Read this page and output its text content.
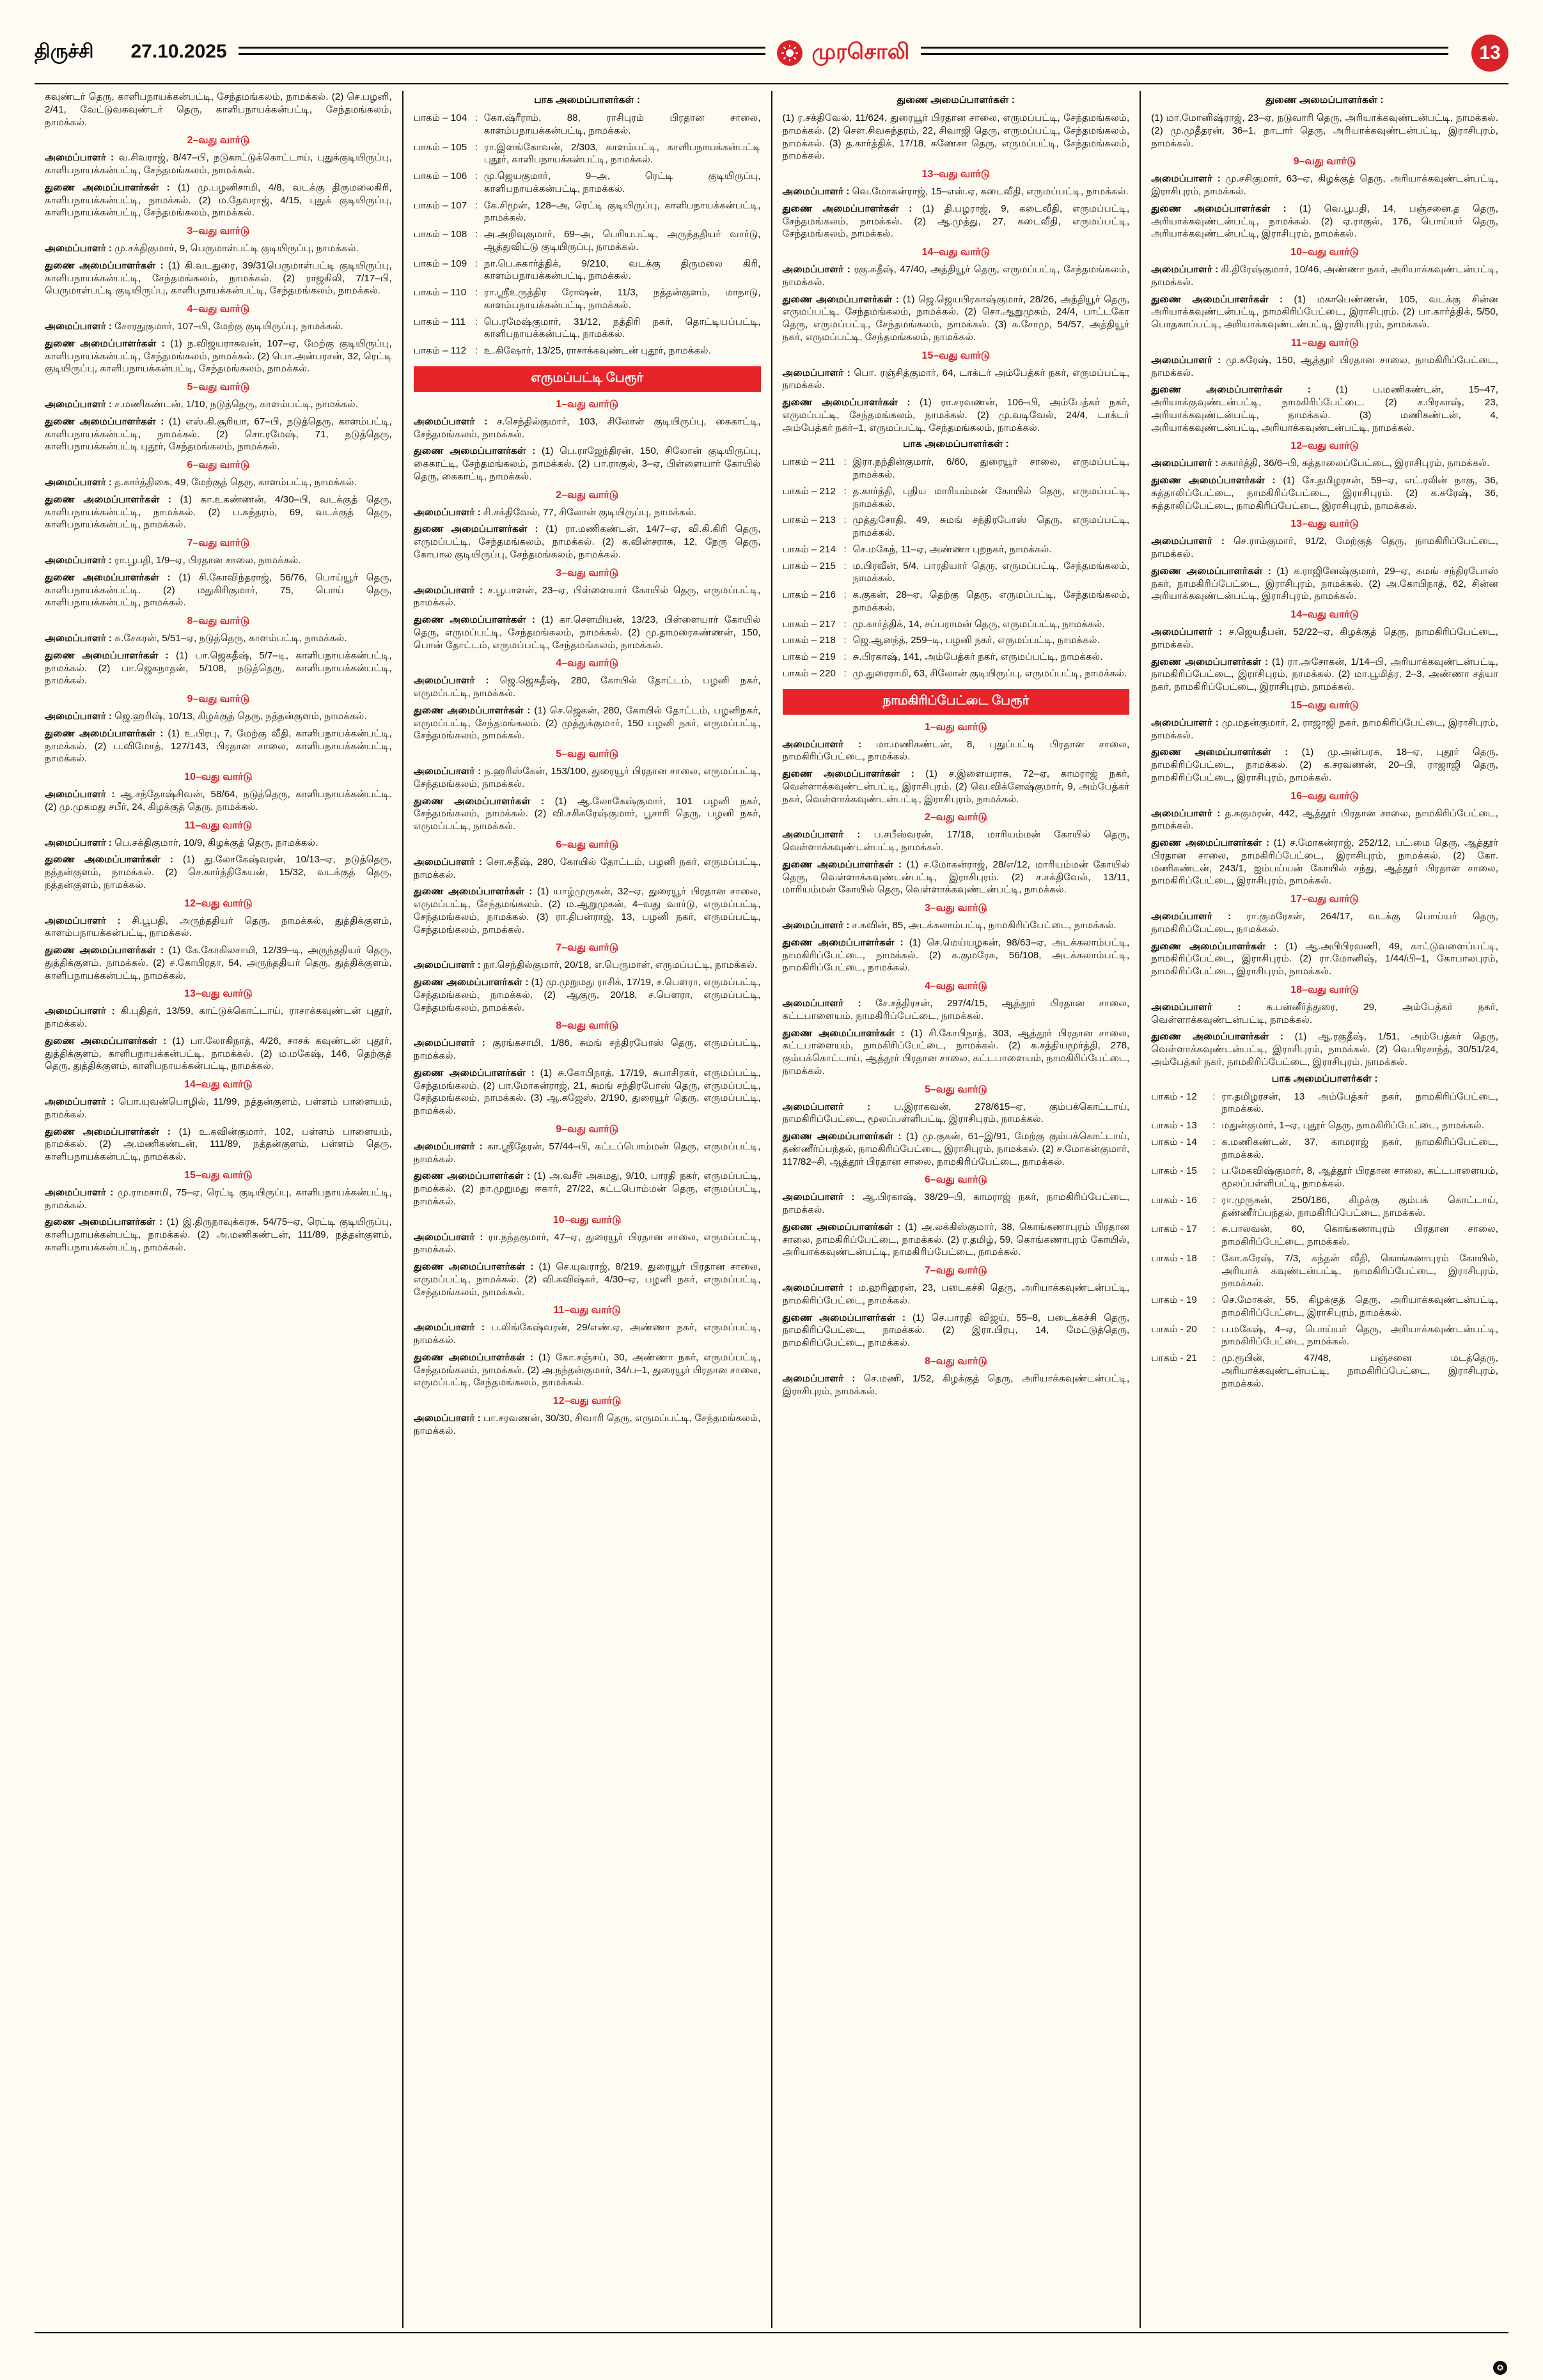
திருச்சி 27.10.2025	முரசொலி	13

கவுண்டர் தெரு, காளிபநாயக்கன்பட்டி, சேந்தமங்கலம், நாமக்கல். (2) செ.பழனி, 2/41, வேட்டுவகவுண்டர் தெரு, காளிபநாயக்கன்பட்டி, சேந்தமங்கலம், நாமக்கல்.

2–வது வார்டு

அமைப்பாளர் : வ.சிவராஜ், 8/47–பி, நடுகாட்டுக்கொட்டாய், புதுக்குடியிருப்பு, காளிபநாயக்கன்பட்டி, சேந்தமங்கலம், நாமக்கல்.

துணை அமைப்பாளர்கள் : (1) மு.பழனிசாமி, 4/8, வடக்கு திருமலைகிரி, காளிபநாயக்கன்பட்டி, நாமக்கல். (2) ம.தேவராஜ், 4/15, புதுக் குடியிருப்பு, காளிபநாயக்கன்பட்டி, சேந்தமங்கலம், நாமக்கல்.

3–வது வார்டு

அமைப்பாளர் : மு.சக்திகுமார், 9, பெருமாள்பட்டி குடியிருப்பு, நாமக்கல்.

துணை அமைப்பாளர்கள் : (1) கி.வடதுரை, 39/31பெருமாள்பட்டி குடியிருப்பு, காளிபநாயக்கன்பட்டி, சேந்தமங்கலம், நாமக்கல். (2) ராஜகிலி, 7/17–பி, பெருமாள்பட்டி குடியிருப்பு, காளிபநாயக்கன்பட்டி, சேந்தமங்கலம், நாமக்கல்.

4–வது வார்டு

அமைப்பாளர் : சோரதுகுமார், 107–பி, மேற்கு குடியிருப்பு, நாமக்கல்.

துணை அமைப்பாளர்கள் : (1) ந.விஜயராகவன், 107–ஏ, மேற்கு குடியிருப்பு, காளிபநாயக்கன்பட்டி, சேந்தமங்கலம், நாமக்கல். (2) பொ.அன்பரசன், 32, ரெட்டி குடியிருப்பு, காளிபநாயக்கன்பட்டி, சேந்தமங்கலம், நாமக்கல்.

5–வது வார்டு

அமைப்பாளர் : ச.மணிகண்டன், 1/10, நடுத்தெரு, காளம்பட்டி, நாமக்கல்.

துணை அமைப்பாளர்கள் : (1) எஸ்.கி.சூரியா, 67–பி, நடுத்தெரு, காளம்பட்டி, காளிபநாயக்கன்பட்டி, நாமக்கல். (2) சொ.ரமேஷ், 71, நடுத்தெரு, காளிபநாயக்கன்பட்டி புதூர், சேந்தமங்கலம், நாமக்கல்.

6–வது வார்டு

அமைப்பாளர் : த.கார்த்திகை, 49, மேற்குத் தெரு, காளம்பட்டி, நாமக்கல்.

துணை அமைப்பாளர்கள் : (1) கா.உகண்ணன், 4/30–பி, வடக்குத் தெரு, காளிபநாயக்கன்பட்டி, நாமக்கல். (2) ப.சுந்தரம், 69, வடக்குத் தெரு, காளிபநாயக்கன்பட்டி, நாமக்கல்.

7–வது வார்டு

அமைப்பாளர் : ரா.பூபதி, 1/9–ஏ, பிரதான சாலை, நாமக்கல்.

துணை அமைப்பாளர்கள் : (1) சி.கோவிந்தராஜ், 56/76, பொய்யூர் தெரு, காளிபநாயக்கன்பட்டி. (2) மதுகிரிகுமார், 75, பொய் தெரு, காளிபநாயக்கன்பட்டி, நாமக்கல்.

8–வது வார்டு

அமைப்பாளர் : சு.சேகரன், 5/51–ஏ, நடுத்தெரு, காளம்பட்டி, நாமக்கல்.

துணை அமைப்பாளர்கள் : (1) பா.ஜெகதீஷ், 5/7–டி, காளிபநாயக்கன்பட்டி, நாமக்கல். (2) பா.ஜெகநாதன், 5/108, நடுத்தெரு, காளிபநாயக்கன்பட்டி, நாமக்கல்.

9–வது வார்டு

அமைப்பாளர் : ஜெ.ஹரிஷ், 10/13, கிழக்குத் தெரு, நத்தன்குளம், நாமக்கல்.

துணை அமைப்பாளர்கள் : (1) உ.பிரபு, 7, மேற்கு வீதி, காளிபநாயக்கன்பட்டி, நாமக்கல். (2) ப.விமோத், 127/143, பிரதான சாலை, காளிபநாயக்கன்பட்டி, நாமக்கல்.

10–வது வார்டு

அமைப்பாளர் : ஆ.சந்தோஷ்சிவன், 58/64, நடுத்தெரு, காளிபநாயக்கன்பட்டி. (2) மு.முகமது சபீர், 24, கிழக்குத் தெரு, நாமக்கல்.

11–வது வார்டு

அமைப்பாளர் : பெ.சக்திகுமார், 10/9, கிழக்குத் தெரு, நாமக்கல்.

துணை அமைப்பாளர்கள் : (1) து.லோகேஷ்வரன், 10/13–ஏ, நடுத்தெரு, நத்தன்குளம், நாமக்கல். (2) செ.கார்த்திகேயன், 15/32, வடக்குத் தெரு, நத்தன்குளம், நாமக்கல்.

12–வது வார்டு

அமைப்பாளர் : சி.பூபதி, அருந்ததியர் தெரு, நாமக்கல், துத்திக்குளம், காளம்பநாயக்கன்பட்டி, நாமக்கல்.

துணை அமைப்பாளர்கள் : (1) கே.கோகிலசாமி, 12/39–டி, அருந்ததியர் தெரு, துத்திக்குளம், நாமக்கல். (2) ச.கோபிரதா, 54, அருந்ததியர் தெரு, துத்திக்குளம், காளிபநாயக்கன்பட்டி, நாமக்கல்.

13–வது வார்டு

அமைப்பாளர் : கி.புதிதர், 13/59, காட்டுக்கொட்டாய், ராசாக்கவுண்டன் புதூர், நாமக்கல்.

துணை அமைப்பாளர்கள் : (1) பா.லோகிநாத், 4/26, சாசக் கவுண்டன் புதூர், துத்திக்குளம், காளிபநாயக்கன்பட்டி, நாமக்கல். (2) ம.மகேஷ், 146, தெற்குத் தெரு, துத்திக்குளம், காளிபநாயக்கன்பட்டி, நாமக்கல்.

14–வது வார்டு

அமைப்பாளர் : பொ.யுவன்பொழில், 11/99, நத்தன்குளம், பள்ளம் பாளையம், நாமக்கல்.

துணை அமைப்பாளர்கள் : (1) உ.கவின்குமார், 102, பள்ளம் பாளையம், நாமக்கல். (2) அ.மணிகண்டன், 111/89, நத்தன்குளம், பள்ளம் தெரு, காளிபநாயக்கன்பட்டி, நாமக்கல்.

15–வது வார்டு

அமைப்பாளர் : மு.ராமசாமி, 75–ஏ, ரெட்டி குடியிருப்பு, காளிபநாயக்கன்பட்டி, நாமக்கல்.

துணை அமைப்பாளர்கள் : (1) இ.திருநாவுக்கரசு, 54/75–ஏ, ரெட்டி குடியிருப்பு, காளிபநாயக்கன்பட்டி, நாமக்கல். (2) அ.மணிகண்டன், 111/89, நத்தன்குளம், காளிபநாயக்கன்பட்டி, நாமக்கல்.

பாக அமைப்பாளர்கள் :
பாகம் – 104 : கோ.ஷ்ரீராம், 88, ராசிபுரம் பிரதான சாலை, காளம்பநாயக்கன்பட்டி, நாமக்கல்.
பாகம் – 105 : ரா.இளங்கோவன், 2/303, காளம்பட்டி, காளிபநாயக்கன்பட்டி புதூர், காளிபநாயக்கன்பட்டி, நாமக்கல்.
பாகம் – 106 : மு.ஜெயகுமார், 9–அ, ரெட்டி குடியிருப்பு, காளிபநாயக்கன்பட்டி, நாமக்கல்.
பாகம் – 107 : கே.சிமூன், 128–அ, ரெட்டி குடியிருப்பு, காளிபநாயக்கன்பட்டி, நாமக்கல்.
பாகம் – 108 : அ.அறிவுகுமார், 69–அ, பெரியபட்டி, அருந்ததியர் வார்டு, ஆத்துவிட்டு குடியிருப்பு, நாமக்கல்.
பாகம் – 109 : நா.பெ.சுகார்த்திக், 9/210, வடக்கு திருமலை கிரி, காளம்பநாயக்கன்பட்டி, நாமக்கல்.
பாகம் – 110 : ரா.ஸ்ரீஉருத்திர ரோஷன், 11/3, நத்தன்குளம், மாநாடு, காளம்பநாயக்கன்பட்டி, நாமக்கல்.
பாகம் – 111 : பெ.ரமேஷ்குமார், 31/12, நத்திரி நகர், தொட்டியப்பட்டி, காளிபநாயக்கன்பட்டி, நாமக்கல்.
பாகம் – 112 : உ.கிஷோர், 13/25, ராசாக்கவுண்டன் புதூர், நாமக்கல்.
எருமப்பட்டி பேரூர்
1–வது வார்டு

அமைப்பாளர் : ச.செந்தில்குமார், 103, சிலோன் குடியிருப்பு, கைகாட்டி, சேந்தமங்கலம், நாமக்கல்.

துணை அமைப்பாளர்கள் : (1) பெ.ராஜேந்திரன், 150, சிலோன் குடியிருப்பு, கைகாட்டி, சேந்தமங்கலம், நாமக்கல். (2) பா.ராகுல், 3–ஏ, பிள்ளையார் கோயில் தெரு, கைகாட்டி, நாமக்கல்.

2–வது வார்டு

அமைப்பாளர் : சி.சக்திவேல், 77, சிலோன் குடியிருப்பு, நாமக்கல்.

துணை அமைப்பாளர்கள் : (1) ரா.மணிகண்டன், 14/7–ஏ, வி.கி.கிரி தெரு, எருமப்பட்டி, சேந்தமங்கலம், நாமக்கல். (2) க.வின்சராசு, 12, நேரு தெரு, கோபால குடியிருப்பு, சேந்தமங்கலம், நாமக்கல்.

3–வது வார்டு

அமைப்பாளர் : ச.பூபாளன், 23–ஏ, பிள்ளையார் கோயில் தெரு, எருமப்பட்டி, நாமக்கல்.

துணை அமைப்பாளர்கள் : (1) கா.சௌமியன், 13/23, பிள்ளையார் கோயில் தெரு, எருமப்பட்டி, சேந்தமங்கலம், நாமக்கல். (2) மு.தாமரைகண்ணன், 150, பொன் தோட்டம், எருமப்பட்டி, சேந்தமங்கலம், நாமக்கல்.

4–வது வார்டு

அமைப்பாளர் : ஜெ.ஜெகதீஷ், 280, கோயில் தோட்டம், பழனி நகர், எருமப்பட்டி, நாமக்கல்.

துணை அமைப்பாளர்கள் : (1) செ.ஜெகன், 280, கோயில் தோட்டம், பழனிநகர், எருமப்பட்டி, சேந்தமங்கலம். (2) முத்துக்குமார், 150 பழனி நகர், எருமப்பட்டி, சேந்தமங்கலம், நாமக்கல்.

5–வது வார்டு

அமைப்பாளர் : ந.ஹரிஸ்கேன், 153/100, துரையூர் பிரதான சாலை, எருமப்பட்டி, சேந்தமங்கலம், நாமக்கல்.

துணை அமைப்பாளர்கள் : (1) ஆ.லோகேஷ்குமார், 101 பழனி நகர், சேந்தமங்கலம், நாமக்கல். (2) வி.சசிசுரேஷ்குமார், பூசாரி தெரு, பழனி நகர், எருமப்பட்டி, நாமக்கல்.

6–வது வார்டு

அமைப்பாளர் : சொ.சுதீஷ், 280, கோயில் தோட்டம், பழனி நகர், எருமப்பட்டி, நாமக்கல்.

துணை அமைப்பாளர்கள் : (1) யாழ்முருகன், 32–ஏ, துரையூர் பிரதான சாலை, எருமப்பட்டி, சேந்தமங்கலம். (2) ம.ஆறுமுகன், 4–வது வார்டு, எருமப்பட்டி, சேந்தமங்கலம், நாமக்கல். (3) ரா.திபன்ராஜ், 13, பழனி நகர், எருமப்பட்டி, சேந்தமங்கலம், நாமக்கல்.

7–வது வார்டு

அமைப்பாளர் : நா.செந்தில்குமார், 20/18, எ.பெருமாள், எருமப்பட்டி, நாமக்கல்.

துணை அமைப்பாளர்கள் : (1) மு.முறுமது ராசிக், 17/19, ச.பௌரா, எருமப்பட்டி, சேந்தமங்கலம், நாமக்கல். (2) ஆகுரு, 20/18, ச.பௌரா, எருமப்பட்டி, சேந்தமங்கலம், நாமக்கல்.

8–வது வார்டு

அமைப்பாளர் : குரங்கசாமி, 1/86, சுமங் சந்திரபோஸ் தெரு, எருமப்பட்டி, நாமக்கல்.

துணை அமைப்பாளர்கள் : (1) சு.கோபிநாத், 17/19, சுபாசிரகர், எருமப்பட்டி, சேந்தமங்கலம். (2) பா.மோகன்ராஜ், 21, சுமங் சந்திரபோஸ் தெரு, எருமப்பட்டி, சேந்தமங்கலம், நாமக்கல். (3) ஆ.கஜேஸ், 2/190, துரையூர் தெரு, எருமப்பட்டி, நாமக்கல்.

9–வது வார்டு

அமைப்பாளர் : கா.ஸ்ரீதேரன், 57/44–பி, கட்டப்பொம்மன் தெரு, எருமப்பட்டி, நாமக்கல்.

துணை அமைப்பாளர்கள் : (1) அ.வசீர் அகமது, 9/10, பாரதி நகர், எருமப்பட்டி, நாமக்கல். (2) நா.முறுமது ஈகார், 27/22, கட்டபொம்மன் தெரு, எருமப்பட்டி, நாமக்கல்.

10–வது வார்டு

அமைப்பாளர் : ரா.நந்தகுமார், 47–ஏ, துரையூர் பிரதான சாலை, எருமப்பட்டி, நாமக்கல்.

துணை அமைப்பாளர்கள் : (1) செ.யுவராஜ், 8/219, துரையூர் பிரதான சாலை, எருமப்பட்டி, நாமக்கல். (2) வி.கவிஷ்கர், 4/30–ஏ, பழனி நகர், எருமப்பட்டி, சேந்தமங்கலம், நாமக்கல்.

11–வது வார்டு

அமைப்பாளர் : ப.லிங்கேஷ்வரன், 29/எண்.ஏ, அண்ணா நகர், எருமப்பட்டி, நாமக்கல்.

துணை அமைப்பாளர்கள் : (1) கோ.சஞ்சய், 30, அண்ணா நகர், எருமப்பட்டி, சேந்தமங்கலம், நாமக்கல். (2) அ.நந்தன்குமார், 34/ப–1, துரையூர் பிரதான சாலை, எருமப்பட்டி, சேந்தமங்கலம், நாமக்கல்.

12–வது வார்டு

அமைப்பாளர் : பா.சரவணன், 30/30, சிவாரி தெரு, எருமப்பட்டி, சேந்தமங்கலம், நாமக்கல்.

துணை அமைப்பாளர்கள் :

(1) ர.சக்திவேல், 11/624, துரையூர் பிரதான சாலை, எருமப்பட்டி, சேந்தமங்கலம், நாமக்கல். (2) சௌ.சிவசுந்தரம், 22, சிவாஜி தெரு, எருமப்பட்டி, சேந்தமங்கலம், நாமக்கல். (3) த.கார்த்திக், 17/18, கணேசா தெரு, எருமப்பட்டி, சேந்தமங்கலம், நாமக்கல்.

13–வது வார்டு

அமைப்பாளர் : வெ.மோகன்ராஜ், 15–எஸ்.ஏ, கடைவீதி, எருமப்பட்டி, நாமக்கல்.

துணை அமைப்பாளர்கள் : (1) தி.பழராஜ், 9, கடைவீதி, எருமப்பட்டி, சேந்தமங்கலம், நாமக்கல். (2) ஆ.முத்து, 27, கடைவீதி, எருமப்பட்டி, சேந்தமங்கலம், நாமக்கல்.

14–வது வார்டு

அமைப்பாளர் : ரகு.சுதீஷ், 47/40, அத்தியூர் தெரு, எருமப்பட்டி, சேந்தமங்கலம், நாமக்கல்.

துணை அமைப்பாளர்கள் : (1) ஜெ.ஜெயபிரகாஷ்குமார், 28/26, அத்தியூர் தெரு, எருமப்பட்டி, சேந்தமங்கலம், நாமக்கல். (2) சொ.ஆறுமுகம், 24/4, பாட்டகோ தெரு, எருமப்பட்டி, சேந்தமங்கலம், நாமக்கல். (3) க.சோமு, 54/57, அத்தியூர் நகர், எருமப்பட்டி, சேந்தமங்கலம், நாமக்கல்.

15–வது வார்டு

அமைப்பாளர் : பொ. ரஞ்சித்குமார், 64, டாக்டர் அம்பேத்கர் நகர், எருமப்பட்டி, நாமக்கல்.

துணை அமைப்பாளர்கள் : (1) ரா.சரவணன், 106–பி, அம்பேத்கர் நகர், எருமப்பட்டி, சேந்தமங்கலம், நாமக்கல். (2) மு.வடிவேல், 24/4, டாக்டர் அம்பேத்கர் நகர்–1, எருமப்பட்டி, சேந்தமங்கலம், நாமக்கல்.

பாக அமைப்பாளர்கள் :
பாகம் – 211 : இரா.நந்தின்குமார், 6/60, துரையூர் சாலை, எருமப்பட்டி, நாமக்கல்.
பாகம் – 212 : த.கார்த்தி, புதிய மாரியம்மன் கோயில் தெரு, எருமப்பட்டி, நாமக்கல்.
பாகம் – 213 : முத்துசோதி, 49, சுமங் சந்திரபோஸ் தெரு, எருமப்பட்டி, நாமக்கல்.
பாகம் – 214 : செ.மகேந், 11–ஏ, அண்ணா புறநகர், நாமக்கல்.
பாகம் – 215 : ம.பிரவீன், 5/4, பாரதியார் தெரு, எருமப்பட்டி, சேந்தமங்கலம், நாமக்கல்.
பாகம் – 216 : க.குகன், 28–ஏ, தெற்கு தெரு, எருமப்பட்டி, சேந்தமங்கலம், நாமக்கல்.
பாகம் – 217 : மு.கார்த்திக், 14, சப்பராமன் தெரு, எருமப்பட்டி, நாமக்கல்.
பாகம் – 218 : ஜெ.ஆனந்த், 259–டி, பழனி நகர், எருமப்பட்டி, நாமக்கல்.
பாகம் – 219 : சு.பிரகாஷ், 141, அம்பேத்கர் நகர், எருமப்பட்டி, நாமக்கல்.
பாகம் – 220 : மு.துரைராமி, 63, சிலோன் குடியிருப்பு, எருமப்பட்டி, நாமக்கல்.
நாமகிரிப்பேட்டை பேரூர்
1–வது வார்டு

அமைப்பாளர் : மா.மணிகண்டன், 8, புதுப்பட்டி பிரதான சாலை, நாமகிரிப்பேட்டை, நாமக்கல்.

துணை அமைப்பாளர்கள் : (1) ச.இளையராசு, 72–ஏ, காமராஜ் நகர், வெள்ளாக்கவுண்டன்பட்டி, இராசிபுரம். (2) வெ.விக்னேஷ்குமார், 9, அம்பேத்கர் நகர், வெள்ளாக்கவுண்டன்பட்டி, இராசிபுரம், நாமக்கல்.

2–வது வார்டு

அமைப்பாளர் : ப.சபீஸ்வரன், 17/18, மாரியம்மன் கோயில் தெரு, வெள்ளாக்கவுண்டன்பட்டி, நாமக்கல்.

துணை அமைப்பாளர்கள் : (1) ச.மோகன்ராஜ், 28/எ/12, மாரியம்மன் கோயில் தெரு, வெள்ளாக்கவுண்டன்பட்டி, இராசிபுரம். (2) ச.சக்திவேல், 13/11, மாரியம்மன் கோயில் தெரு, வெள்ளாக்கவுண்டன்பட்டி, நாமக்கல்.

3–வது வார்டு

அமைப்பாளர் : ச.கவின், 85, அடக்கலாம்பட்டி, நாமகிரிப்பேட்டை, நாமக்கல்.

துணை அமைப்பாளர்கள் : (1) செ.மெய்யழகன், 98/63–ஏ, அடக்கலாம்பட்டி, நாமகிரிப்பேட்டை, நாமக்கல். (2) க.குமரேசு, 56/108, அடக்கலாம்பட்டி, நாமகிரிப்பேட்டை, நாமக்கல்.

4–வது வார்டு

அமைப்பாளர் : சே.சத்திரசன், 297/4/15, ஆத்தூர் பிரதான சாலை, கட்டபாளையம், நாமகிரிப்பேட்டை, நாமக்கல்.

துணை அமைப்பாளர்கள் : (1) சி.கோபிநாத், 303, ஆத்தூர் பிரதான சாலை, கட்டபாளையம், நாமகிரிப்பேட்டை, நாமக்கல். (2) க.சத்தியமூர்த்தி, 278, கும்பக்கொட்டாய், ஆத்தூர் பிரதான சாலை, கட்டபாளையம், நாமகிரிப்பேட்டை, நாமக்கல்.

5–வது வார்டு

அமைப்பாளர் : ப.இராகவன், 278/615–ஏ, கும்பக்கொட்டாய், நாமகிரிப்பேட்டை, மூலப்பள்ளிபட்டி, இராசிபுரம், நாமக்கல்.

துணை அமைப்பாளர்கள் : (1) மு.குகன், 61–இ/91, மேற்கு கும்பக்கொட்டாய், தண்ணீர்ப்பந்தல், நாமகிரிப்பேட்டை, இராசிபுரம், நாமக்கல். (2) ச.மோகன்குமார், 117/82–சி, ஆத்தூர் பிரதான சாலை, நாமகிரிப்பேட்டை, நாமக்கல்.

6–வது வார்டு

அமைப்பாளர் : ஆ.பிரகாஷ், 38/29–பி, காமராஜ் நகர், நாமகிரிப்பேட்டை, நாமக்கல்.

துணை அமைப்பாளர்கள் : (1) அ.லக்கிஸ்குமார், 38, கொங்கணாபுரம் பிரதான சாலை, நாமகிரிப்பேட்டை, நாமக்கல். (2) ர.தமிழ், 59, கொங்கணாபுரம் கோயில், அரியாக்கவுண்டன்பட்டி, நாமகிரிப்பேட்டை, நாமக்கல்.

7–வது வார்டு

அமைப்பாளர் : ம.ஹரிஹரன், 23, படைகச்சி தெரு, அரியாக்கவுண்டன்பட்டி, நாமகிரிப்பேட்டை, நாமக்கல்.

துணை அமைப்பாளர்கள் : (1) செ.பாரதி விஜய், 55–8, படைக்கச்சி தெரு, நாமகிரிப்பேட்டை, நாமக்கல். (2) இரா.பிரபு, 14, மேட்டுத்தெரு, நாமகிரிப்பேட்டை, நாமக்கல்.

8–வது வார்டு

அமைப்பாளர் : செ.மணி, 1/52, கிழக்குத் தெரு, அரியாக்கவுண்டன்பட்டி, இராசிபுரம், நாமக்கல்.

துணை அமைப்பாளர்கள் :

(1) மா.மோனிஷ்ராஜ், 23–ஏ, நடுவாரி தெரு, அரியாக்கவுண்டன்பட்டி, நாமக்கல். (2) மு.முதீதரன், 36–1, நாடார் தெரு, அரியாக்கவுண்டன்பட்டி, இராசிபுரம், நாமக்கல்.

9–வது வார்டு

அமைப்பாளர் : மு.சசிகுமார், 63–ஏ, கிழக்குத் தெரு, அரியாக்கவுண்டன்பட்டி, இராசிபுரம், நாமக்கல்.

துணை அமைப்பாளர்கள் : (1) வெ.பூபதி, 14, பஞ்சனை.த தெரு, அரியாக்கவுண்டன்பட்டி, நாமக்கல். (2) ஏ.ராகுல், 176, பொய்யர் தெரு, அரியாக்கவுண்டன்பட்டி, இராசிபுரம், நாமக்கல்.

10–வது வார்டு

அமைப்பாளர் : கி.திரேஷ்குமார், 10/46, அண்ணா நகர், அரியாக்கவுண்டன்பட்டி, நாமக்கல்.

துணை அமைப்பாளர்கள் : (1) மகாபெண்ணன், 105, வடக்கு சின்ன அரியாக்கவுண்டன்பட்டி, நாமகிரிப்பேட்டை, இராசிபுரம். (2) பா.கார்த்திக், 5/50, பொதகாப்பட்டி, அரியாக்கவுண்டன்பட்டி, இராசிபுரம், நாமக்கல்.

11–வது வார்டு

அமைப்பாளர் : மு.சுரேஷ், 150, ஆத்தூர் பிரதான சாலை, நாமகிரிப்பேட்டை, நாமக்கல்.

துணை அமைப்பாளர்கள் : (1) ப.மணிகண்டன், 15–47, அரியாக்குவுண்டன்பட்டி, நாமகிரிப்பேட்டை. (2) ச.பிரகாஷ், 23, அரியாக்கவுண்டன்பட்டி, நாமக்கல். (3) மணிகண்டன், 4, அரியாக்கவுண்டன்பட்டி, அரியாக்கவுண்டன்பட்டி, நாமக்கல்.

12–வது வார்டு

அமைப்பாளர் : சுகார்த்தி, 36/6–பி, சுத்தாலைப்பேட்டை, இராசிபுரம், நாமக்கல்.

துணை அமைப்பாளர்கள் : (1) சே.தமிழரசன், 59–ஏ, எட்.ரலின் நாகு, 36, சுத்தாலிப்பேட்டை, நாமகிரிப்பேட்டை, இராசிபுரம். (2) க.சுரேஷ், 36, சுத்தாலிப்பேட்டை, நாமகிரிப்பேட்டை, இராசிபுரம், நாமக்கல்.

13–வது வார்டு

அமைப்பாளர் : செ.ராம்குமார், 91/2, மேற்குத் தெரு, நாமகிரிப்பேட்டை, நாமக்கல்.

துணை அமைப்பாளர்கள் : (1) க.ராஜினேஷ்குமார், 29–ஏ, சுமங் சந்திரபோஸ் நகர், நாமகிரிப்பேட்டை, இராசிபுரம், நாமக்கல். (2) அ.கோபிநாத், 62, சின்ன அரியாக்கவுண்டன்பட்டி, இராசிபுரம், நாமக்கல்.

14–வது வார்டு

அமைப்பாளர் : ச.ஜெயதீபன், 52/22–ஏ, கிழக்குத் தெரு, நாமகிரிப்பேட்டை, நாமக்கல்.

துணை அமைப்பாளர்கள் : (1) ரா.அசோகன், 1/14–பி, அரியாக்கவுண்டன்பட்டி, நாமகிரிப்பேட்டை, இராசிபுரம், நாமக்கல். (2) மா.பூமித்ர, 2–3, அண்ணா சத்யா நகர், நாமகிரிப்பேட்டை, இராசிபுரம், நாமக்கல்.

15–வது வார்டு

அமைப்பாளர் : மு.மதன்குமார், 2, ராஜாஜி நகர், நாமகிரிப்பேட்டை, இராசிபுரம், நாமக்கல்.

துணை அமைப்பாளர்கள் : (1) மு.அன்பரசு, 18–ஏ, புதூர் தெரு, நாமகிரிப்பேட்டை, நாமக்கல். (2) க.சரவணன், 20–பி, ராஜாஜி தெரு, நாமகிரிப்பேட்டை, இராசிபுரம், நாமக்கல்.

16–வது வார்டு

அமைப்பாளர் : த.சுகுமரன், 442, ஆத்தூர் பிரதான சாலை, நாமகிரிப்பேட்டை, நாமக்கல்.

துணை அமைப்பாளர்கள் : (1) ச.மோகன்ராஜ், 252/12, பட்.மை தெரு, ஆத்தூர் பிரதான சாலை, நாமகிரிப்பேட்டை, இராசிபுரம், நாமக்கல். (2) கோ. மணிகண்டன், 243/1, ஐம்பய்யன் கோயில் சந்து, ஆத்தூர் பிரதான சாலை, நாமகிரிப்பேட்டை, இராசிபுரம், நாமக்கல்.

17–வது வார்டு

அமைப்பாளர் : ரா.குமரேசன், 264/17, வடக்கு பொய்யர் தெரு, நாமகிரிப்பேட்டை, நாமக்கல்.

துணை அமைப்பாளர்கள் : (1) ஆ.அபிபிரவணி, 49, காட்டுவளைப்பட்டி, நாமகிரிப்பேட்டை, இராசிபுரம். (2) ரா.மோனிஷ், 1/44/பி–1, கோபாலபுரம், நாமகிரிப்பேட்டை, இராசிபுரம், நாமக்கல்.

18–வது வார்டு

அமைப்பாளர் : சு.பன்னீர்த்துரை, 29, அம்பேத்கர் நகர், வெள்ளாக்கவுண்டன்பட்டி, நாமக்கல்.

துணை அமைப்பாளர்கள் : (1) ஆ.ரகுதீஷ், 1/51, அம்பேத்கர் தெரு, வெள்ளாக்கவுண்டன்பட்டி, இராசிபுரம், நாமக்கல். (2) வெ.பிரசாந்த், 30/51/24, அம்பேத்கர் நகர், நாமகிரிப்பேட்டை, இராசிபுரம், நாமக்கல்.

பாக அமைப்பாளர்கள் :
பாகம் - 12	: ரா.தமிழரசன், 13 அம்பேத்கர் நகர், நாமகிரிப்பேட்டை, நாமக்கல்.
பாகம் - 13	: மதுன்குமார், 1–ஏ, புதூர் தெரு, நாமகிரிப்பேட்டை, நாமக்கல்.
பாகம் - 14	: க.மணிகண்டன், 37, காமராஜ் நகர், நாமகிரிப்பேட்டை, நாமக்கல்.
பாகம் - 15	: ப.மேகவிஷ்குமார், 8, ஆத்தூர் பிரதான சாலை, கட்டபாளையம், மூலப்பள்ளிபட்டி, நாமக்கல்.
பாகம் - 16	: ரா.முருகன், 250/186, கிழக்கு கும்பக் கொட்டாய், தண்ணீர்ப்பந்தல், நாமகிரிப்பேட்டை, நாமக்கல்.
பாகம் - 17	: சு.பாலவன், 60, கொங்கணாபுரம் பிரதான சாலை, நாமகிரிப்பேட்டை, நாமக்கல்.
பாகம் - 18	: கோ.சுரேஷ், 7/3, கந்தன் வீதி, கொங்கனாபுரம் கோயில், அரியாக் கவுண்டன்பட்டி, நாமகிரிப்பேட்டை, இராசிபுரம், நாமக்கல்.
பாகம் - 19	: செ.மோகன், 55, கிழக்குத் தெரு, அரியாக்கவுண்டன்பட்டி, நாமகிரிப்பேட்டை, இராசிபுரம், நாமக்கல்.
பாகம் - 20	: ப.மகேஷ், 4–ஏ, பொய்யர் தெரு, அரியாக்கவுண்டன்பட்டி, நாமகிரிப்பேட்டை, நாமக்கல்.
பாகம் - 21	: மு.ரூபின், 47/48, பஞ்சனை மடத்தெரு, அரியாக்கவுண்டன்பட்டி, நாமகிரிப்பேட்டை, இராசிபுரம், நாமக்கல்.
✪
